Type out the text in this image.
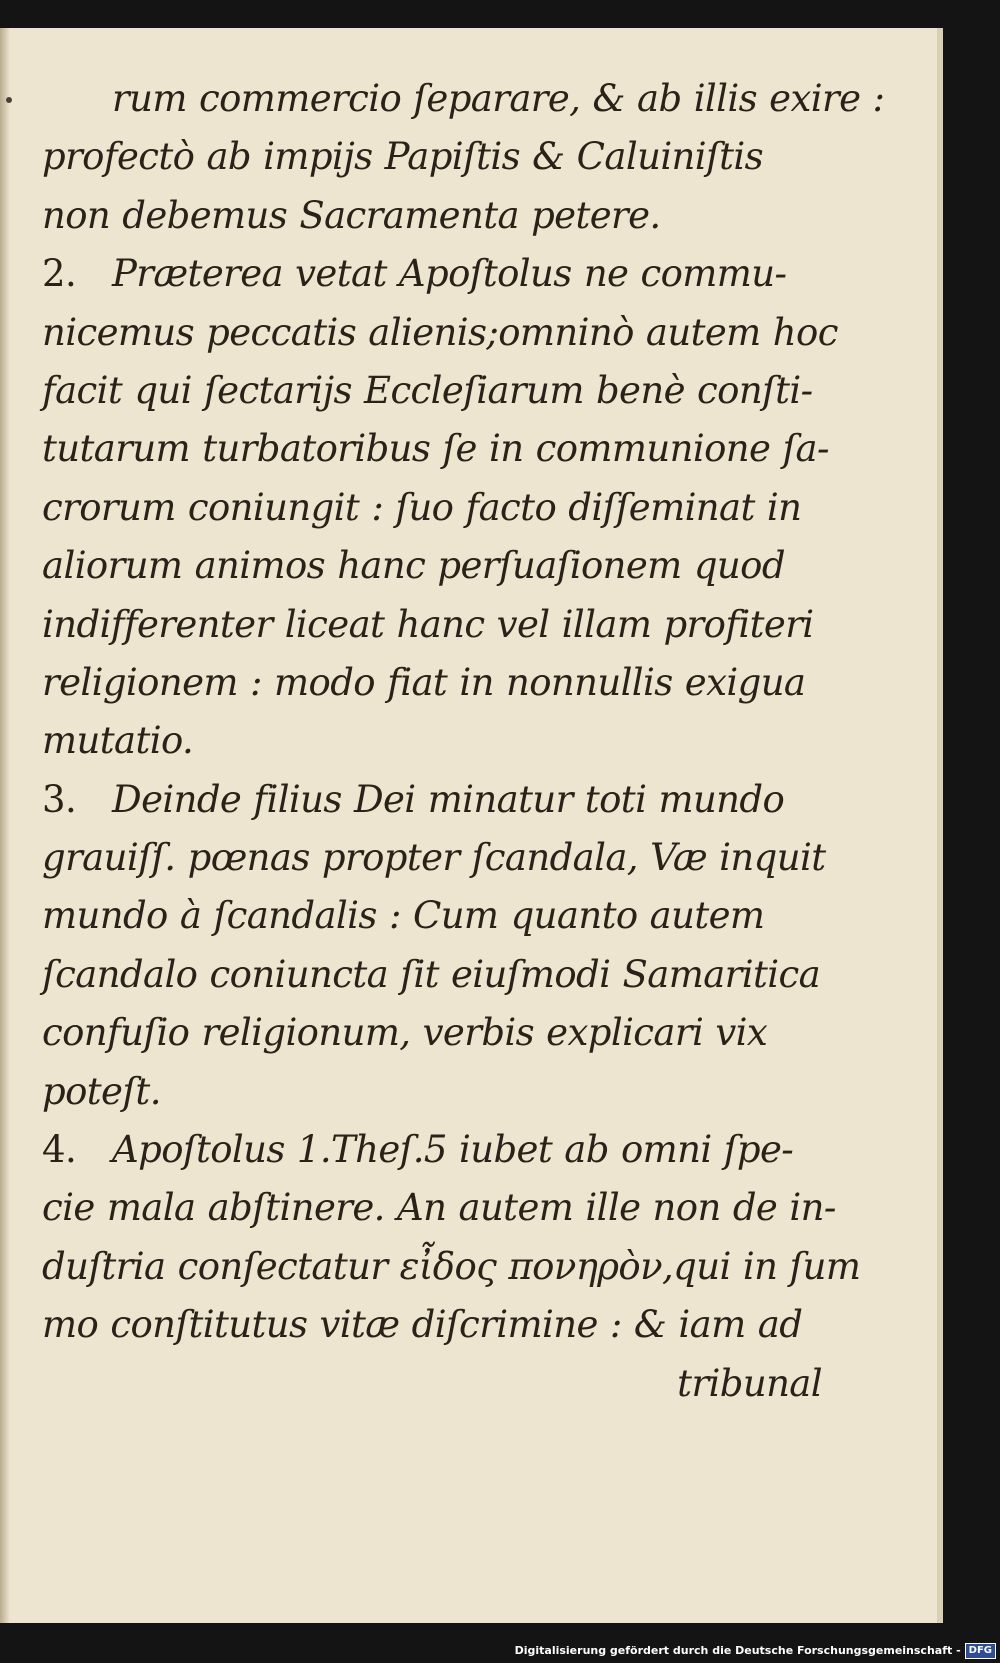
rum commercio ſeparare, & ab illis exire :
profectò ab impijs Papiſtis & Caluiniſtis
non debemus Sacramenta petere.
2. Præterea vetat Apoſtolus ne commu-
nicemus peccatis alienis;omninò autem hoc
facit qui ſectarijs Eccleſiarum benè conſti-
tutarum turbatoribus ſe in communione ſa-
crorum coniungit : ſuo facto diſſeminat in
aliorum animos hanc perſuaſionem quod
indifferenter liceat hanc vel illam profiteri
religionem : modo fiat in nonnullis exigua
mutatio.
3. Deinde filius Dei minatur toti mundo
grauiſſ. pœnas propter ſcandala, Væ inquit
mundo à ſcandalis : Cum quanto autem
ſcandalo coniuncta ſit eiuſmodi Samaritica
confuſio religionum, verbis explicari vix
poteſt.
4. Apoſtolus 1.Theſ.5 iubet ab omni ſpe-
cie mala abſtinere. An autem ille non de in-
duſtria conſectatur εἶδος πονηρὸν,qui in ſum
mo conſtitutus vitæ diſcrimine : & iam ad
tribunal
Digitalisierung gefördert durch die Deutsche Forschungsgemeinschaft - DFG
